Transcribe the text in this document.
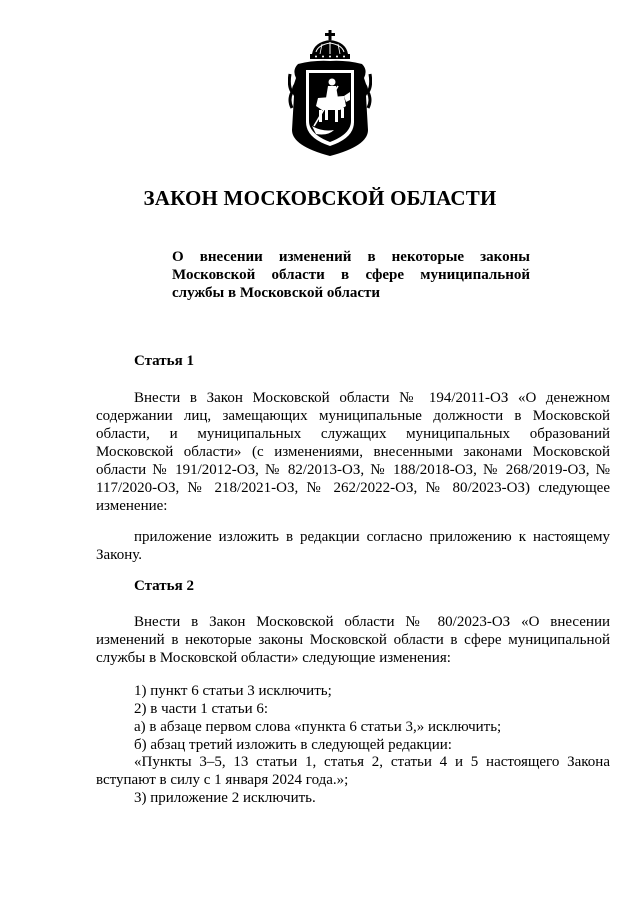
ЗАКОН МОСКОВСКОЙ ОБЛАСТИ
О внесении изменений в некоторые законы
Московской области в сфере муниципальной
службы в Московской области
Статья 1
Внести в Закон Московской области № 194/2011-ОЗ «О денежном содержании лиц, замещающих муниципальные должности в Московской области, и муниципальных служащих муниципальных образований Московской области» (с изменениями, внесенными законами Московской области № 191/2012-ОЗ, № 82/2013-ОЗ, № 188/2018-ОЗ, № 268/2019-ОЗ, № 117/2020-ОЗ, № 218/2021-ОЗ, № 262/2022-ОЗ, № 80/2023-ОЗ) следующее изменение:
приложение изложить в редакции согласно приложению к настоящему Закону.
Статья 2
Внести в Закон Московской области № 80/2023-ОЗ «О внесении изменений в некоторые законы Московской области в сфере муниципальной службы в Московской области» следующие изменения:
1) пункт 6 статьи 3 исключить;
2) в части 1 статьи 6:
а) в абзаце первом слова «пункта 6 статьи 3,» исключить;
б) абзац третий изложить в следующей редакции:
«Пункты 3–5, 13 статьи 1, статья 2, статьи 4 и 5 настоящего Закона вступают в силу с 1 января 2024 года.»;
3) приложение 2 исключить.
